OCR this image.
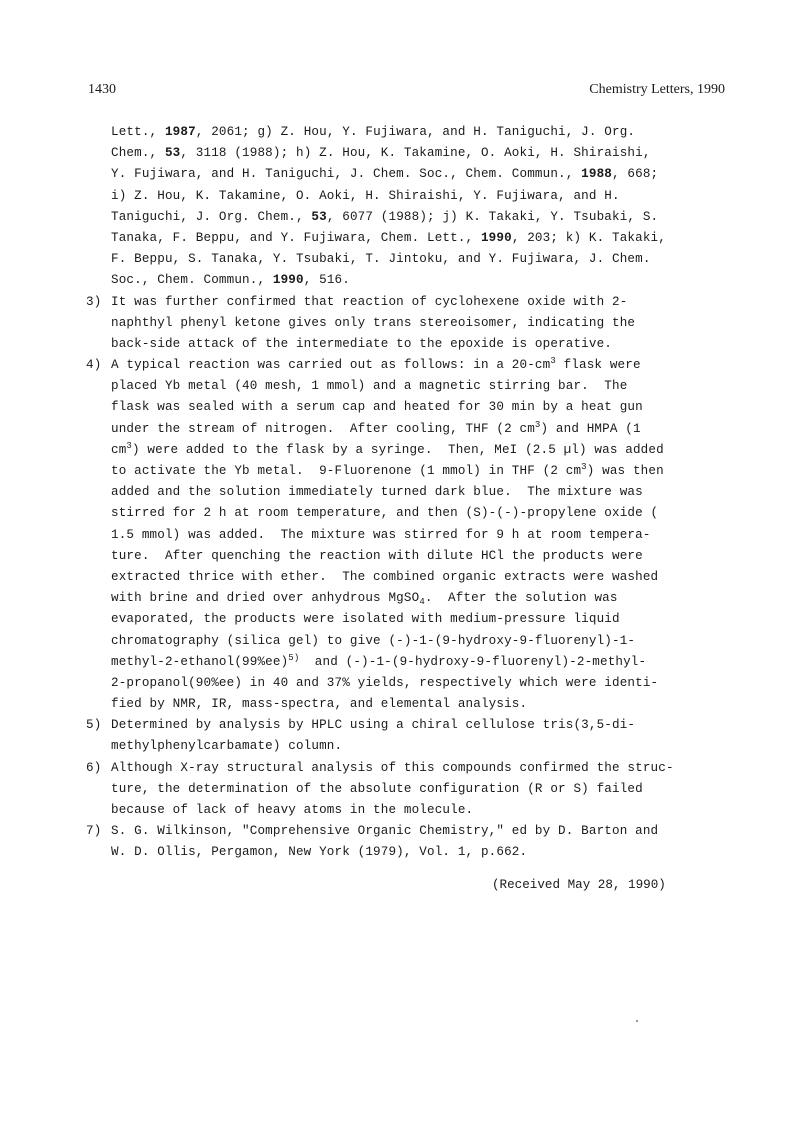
1430	Chemistry Letters, 1990
Lett., 1987, 2061; g) Z. Hou, Y. Fujiwara, and H. Taniguchi, J. Org.
Chem., 53, 3118 (1988); h) Z. Hou, K. Takamine, O. Aoki, H. Shiraishi,
Y. Fujiwara, and H. Taniguchi, J. Chem. Soc., Chem. Commun., 1988, 668;
i) Z. Hou, K. Takamine, O. Aoki, H. Shiraishi, Y. Fujiwara, and H.
Taniguchi, J. Org. Chem., 53, 6077 (1988); j) K. Takaki, Y. Tsubaki, S.
Tanaka, F. Beppu, and Y. Fujiwara, Chem. Lett., 1990, 203; k) K. Takaki,
F. Beppu, S. Tanaka, Y. Tsubaki, T. Jintoku, and Y. Fujiwara, J. Chem.
Soc., Chem. Commun., 1990, 516.
3) It was further confirmed that reaction of cyclohexene oxide with 2-
naphthyl phenyl ketone gives only trans stereoisomer, indicating the
back-side attack of the intermediate to the epoxide is operative.
4) A typical reaction was carried out as follows: in a $20-cm^3$ flask were
placed Yb metal (40 mesh, 1 mmol) and a magnetic stirring bar.  The
flask was sealed with a serum cap and heated for 30 min by a heat gun
under the stream of nitrogen.  After cooling, THF (2 $cm^3$) and HMPA (1
$cm^3$) were added to the flask by a syringe.  Then, MeI (2.5 µl) was added
to activate the Yb metal.  9-Fluorenone (1 mmol) in THF (2 $cm^3$) was then
added and the solution immediately turned dark blue.  The mixture was
stirred for 2 h at room temperature, and then (S)-(-)-propylene oxide (
1.5 mmol) was added.  The mixture was stirred for 9 h at room tempera-
ture.  After quenching the reaction with dilute HCl the products were
extracted thrice with ether.  The combined organic extracts were washed
with brine and dried over anhydrous MgSO$_4$.  After the solution was
evaporated, the products were isolated with medium-pressure liquid
chromatography (silica gel) to give (-)-1-(9-hydroxy-9-fluorenyl)-1-
methyl-$2-ethanol(99\%ee)^{5)}$  and (-)-1-(9-hydroxy-9-fluorenyl)-2-methyl-
2-propanol(90%ee) in 40 and 37% yields, respectively which were identi-
fied by NMR, IR, mass-spectra, and elemental analysis.
5) Determined by analysis by HPLC using a chiral cellulose tris(3,5-di-
methylphenylcarbamate) column.
6) Although X-ray structural analysis of this compounds confirmed the struc-
ture, the determination of the absolute configuration (R or S) failed
because of lack of heavy atoms in the molecule.
7) S. G. Wilkinson, "Comprehensive Organic Chemistry," ed by D. Barton and
W. D. Ollis, Pergamon, New York (1979), Vol. 1, p.662.
(Received May 28, 1990)
